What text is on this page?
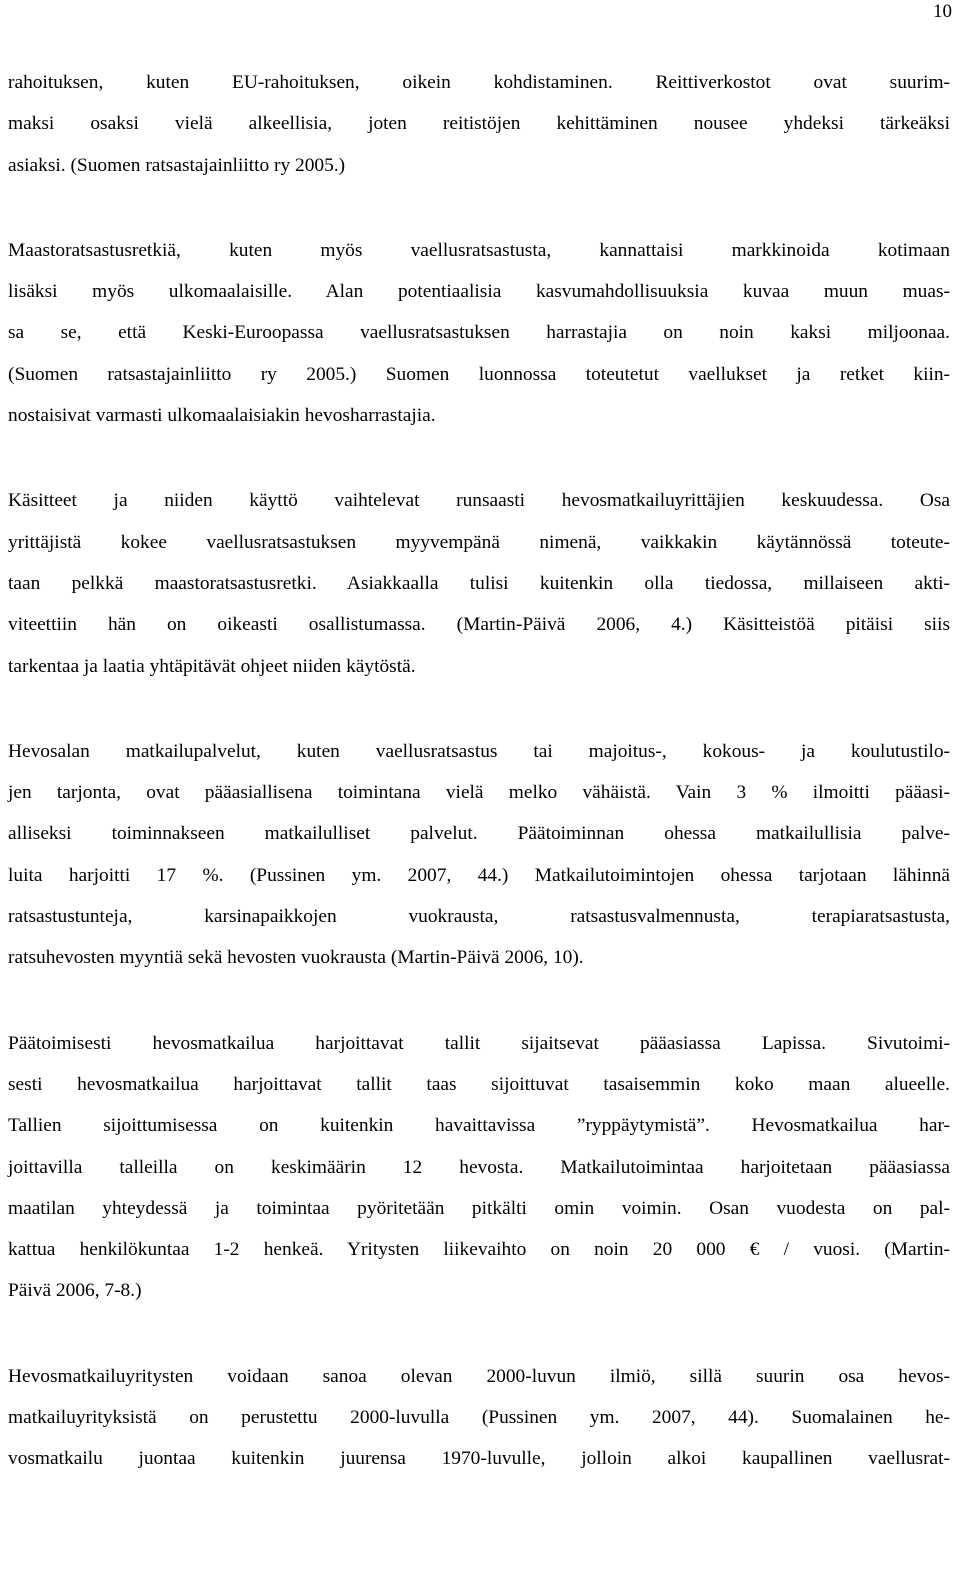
10

rahoituksen, kuten EU-rahoituksen, oikein kohdistaminen. Reittiverkostot ovat suurim-
maksi osaksi vielä alkeellisia, joten reitistöjen kehittäminen nousee yhdeksi tärkeäksi
asiaksi. (Suomen ratsastajainliitto ry 2005.)

Maastoratsastusretkiä, kuten myös vaellusratsastusta, kannattaisi markkinoida kotimaan
lisäksi myös ulkomaalaisille. Alan potentiaalisia kasvumahdollisuuksia kuvaa muun muas-
sa se, että Keski-Euroopassa vaellusratsastuksen harrastajia on noin kaksi miljoonaa.
(Suomen ratsastajainliitto ry 2005.) Suomen luonnossa toteutetut vaellukset ja retket kiin-
nostaisivat varmasti ulkomaalaisiakin hevosharrastajia.

Käsitteet ja niiden käyttö vaihtelevat runsaasti hevosmatkailuyrittäjien keskuudessa. Osa
yrittäjistä kokee vaellusratsastuksen myyvempänä nimenä, vaikkakin käytännössä toteute-
taan pelkkä maastoratsastusretki. Asiakkaalla tulisi kuitenkin olla tiedossa, millaiseen akti-
viteettiin hän on oikeasti osallistumassa. (Martin-Päivä 2006, 4.) Käsitteistöä pitäisi siis
tarkentaa ja laatia yhtäpitävät ohjeet niiden käytöstä.

Hevosalan matkailupalvelut, kuten vaellusratsastus tai majoitus-, kokous- ja koulutustilo-
jen tarjonta, ovat pääasiallisena toimintana vielä melko vähäistä. Vain 3 % ilmoitti pääasi-
alliseksi toiminnakseen matkailulliset palvelut. Päätoiminnan ohessa matkailullisia palve-
luita harjoitti 17 %. (Pussinen ym. 2007, 44.) Matkailutoimintojen ohessa tarjotaan lähinnä
ratsastustunteja, karsinapaikkojen vuokrausta, ratsastusvalmennusta, terapiaratsastusta,
ratsuhevosten myyntiä sekä hevosten vuokrausta (Martin-Päivä 2006, 10).

Päätoimisesti hevosmatkailua harjoittavat tallit sijaitsevat pääasiassa Lapissa. Sivutoimi-
sesti hevosmatkailua harjoittavat tallit taas sijoittuvat tasaisemmin koko maan alueelle.
Tallien sijoittumisessa on kuitenkin havaittavissa ”ryppäytymistä”. Hevosmatkailua har-
joittavilla talleilla on keskimäärin 12 hevosta. Matkailutoimintaa harjoitetaan pääasiassa
maatilan yhteydessä ja toimintaa pyöritetään pitkälti omin voimin. Osan vuodesta on pal-
kattua henkilökuntaa 1-2 henkeä. Yritysten liikevaihto on noin 20 000 € / vuosi. (Martin-
Päivä 2006, 7-8.)

Hevosmatkailuyritysten voidaan sanoa olevan 2000-luvun ilmiö, sillä suurin osa hevos-
matkailuyrityksistä on perustettu 2000-luvulla (Pussinen ym. 2007, 44). Suomalainen he-
vosmatkailu juontaa kuitenkin juurensa 1970-luvulle, jolloin alkoi kaupallinen vaellusrat-
